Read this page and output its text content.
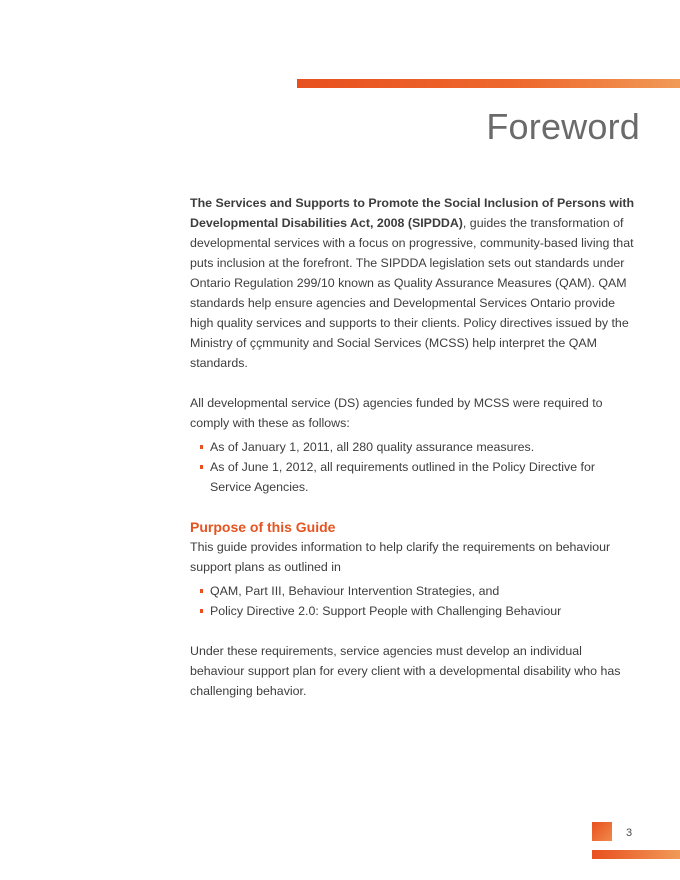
Foreword

The Services and Supports to Promote the Social Inclusion of Persons with Developmental Disabilities Act, 2008 (SIPDDA), guides the transformation of developmental services with a focus on progressive, community-based living that puts inclusion at the forefront. The SIPDDA legislation sets out standards under Ontario Regulation 299/10 known as Quality Assurance Measures (QAM). QAM standards help ensure agencies and Developmental Services Ontario provide high quality services and supports to their clients. Policy directives issued by the Ministry of ççmmunity and Social Services (MCSS) help interpret the QAM standards.

All developmental service (DS) agencies funded by MCSS were required to comply with these as follows:

As of January 1, 2011, all 280 quality assurance measures.
As of June 1, 2012, all requirements outlined in the Policy Directive for Service Agencies.
Purpose of this Guide

This guide provides information to help clarify the requirements on behaviour support plans as outlined in

QAM, Part III, Behaviour Intervention Strategies, and
Policy Directive 2.0: Support People with Challenging Behaviour

Under these requirements, service agencies must develop an individual behaviour support plan for every client with a developmental disability who has challenging behavior.

3
